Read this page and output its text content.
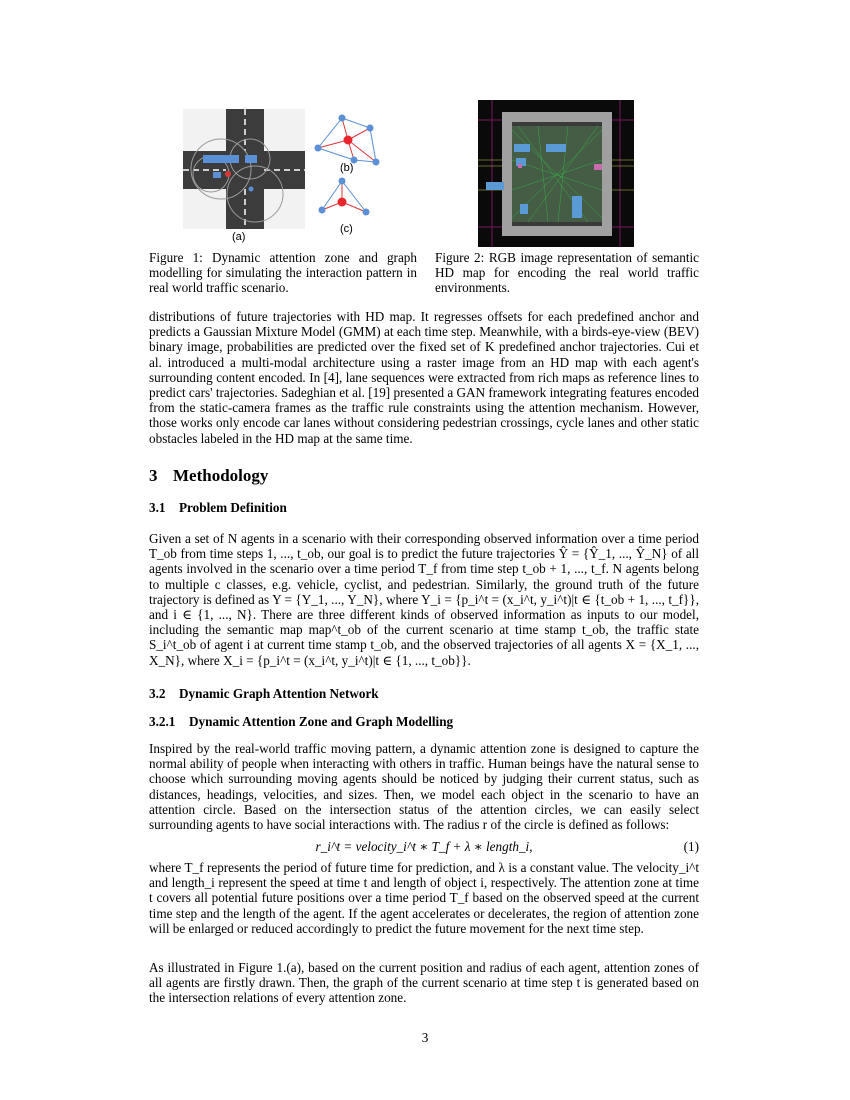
(a)
(b)
(c)
Figure 1: Dynamic attention zone and graph modelling for simulating the interaction pattern in real world traffic scenario.
Figure 2: RGB image representation of semantic HD map for encoding the real world traffic environments.
distributions of future trajectories with HD map. It regresses offsets for each predefined anchor and predicts a Gaussian Mixture Model (GMM) at each time step. Meanwhile, with a birds-eye-view (BEV) binary image, probabilities are predicted over the fixed set of K predefined anchor trajectories. Cui et al. introduced a multi-modal architecture using a raster image from an HD map with each agent's surrounding content encoded. In [4], lane sequences were extracted from rich maps as reference lines to predict cars' trajectories. Sadeghian et al. [19] presented a GAN framework integrating features encoded from the static-camera frames as the traffic rule constraints using the attention mechanism. However, those works only encode car lanes without considering pedestrian crossings, cycle lanes and other static obstacles labeled in the HD map at the same time.
3 Methodology
3.1 Problem Definition
Given a set of N agents in a scenario with their corresponding observed information over a time period T_ob from time steps 1, ..., t_ob, our goal is to predict the future trajectories Ŷ = {Ŷ_1, ..., Ŷ_N} of all agents involved in the scenario over a time period T_f from time step t_ob + 1, ..., t_f. N agents belong to multiple c classes, e.g. vehicle, cyclist, and pedestrian. Similarly, the ground truth of the future trajectory is defined as Y = {Y_1, ..., Y_N}, where Y_i = {p_i^t = (x_i^t, y_i^t)|t ∈ {t_ob + 1, ..., t_f}}, and i ∈ {1, ..., N}. There are three different kinds of observed information as inputs to our model, including the semantic map map^t_ob of the current scenario at time stamp t_ob, the traffic state S_i^t_ob of agent i at current time stamp t_ob, and the observed trajectories of all agents X = {X_1, ..., X_N}, where X_i = {p_i^t = (x_i^t, y_i^t)|t ∈ {1, ..., t_ob}}.
3.2 Dynamic Graph Attention Network
3.2.1 Dynamic Attention Zone and Graph Modelling
Inspired by the real-world traffic moving pattern, a dynamic attention zone is designed to capture the normal ability of people when interacting with others in traffic. Human beings have the natural sense to choose which surrounding moving agents should be noticed by judging their current status, such as distances, headings, velocities, and sizes. Then, we model each object in the scenario to have an attention circle. Based on the intersection status of the attention circles, we can easily select surrounding agents to have social interactions with. The radius r of the circle is defined as follows:
r_i^t = velocity_i^t ∗ T_f + λ ∗ length_i,	(1)
where T_f represents the period of future time for prediction, and λ is a constant value. The velocity_i^t and length_i represent the speed at time t and length of object i, respectively. The attention zone at time t covers all potential future positions over a time period T_f based on the observed speed at the current time step and the length of the agent. If the agent accelerates or decelerates, the region of attention zone will be enlarged or reduced accordingly to predict the future movement for the next time step.
As illustrated in Figure 1.(a), based on the current position and radius of each agent, attention zones of all agents are firstly drawn. Then, the graph of the current scenario at time step t is generated based on the intersection relations of every attention zone.
3
